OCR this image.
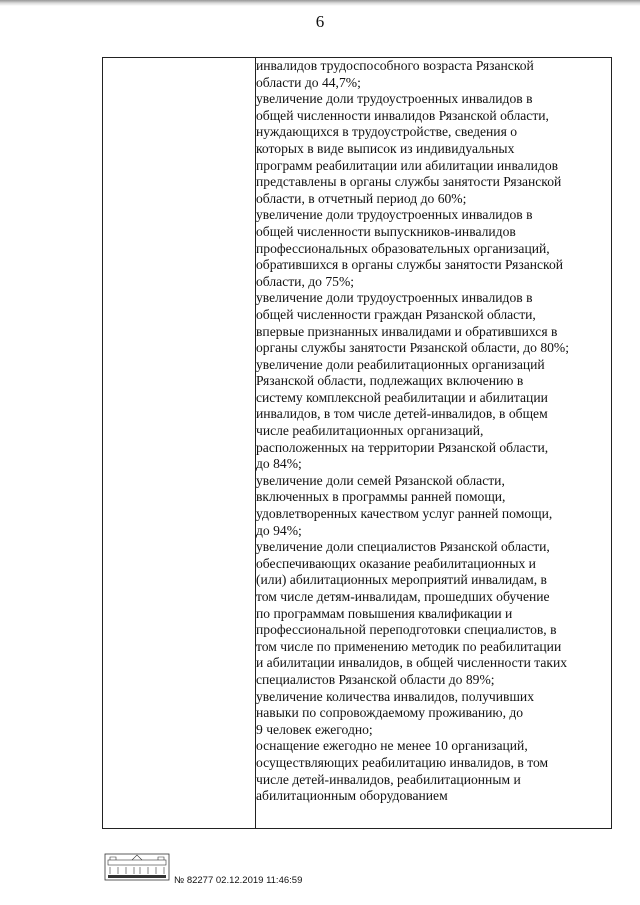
6

инвалидов трудоспособного возраста Рязанской
области до 44,7%;

увеличение доли трудоустроенных инвалидов в
общей численности инвалидов Рязанской области,
нуждающихся в трудоустройстве, сведения о
которых в виде выписок из индивидуальных
программ реабилитации или абилитации инвалидов
представлены в органы службы занятости Рязанской
области, в отчетный период до 60%;

увеличение доли трудоустроенных инвалидов в
общей численности выпускников-инвалидов
профессиональных образовательных организаций,
обратившихся в органы службы занятости Рязанской
области, до 75%;

увеличение доли трудоустроенных инвалидов в
общей численности граждан Рязанской области,
впервые признанных инвалидами и обратившихся в
органы службы занятости Рязанской области, до 80%;

увеличение доли реабилитационных организаций
Рязанской области, подлежащих включению в
систему комплексной реабилитации и абилитации
инвалидов, в том числе детей-инвалидов, в общем
числе реабилитационных организаций,
расположенных на территории Рязанской области,
до 84%;

увеличение доли семей Рязанской области,
включенных в программы ранней помощи,
удовлетворенных качеством услуг ранней помощи,
до 94%;

увеличение доли специалистов Рязанской области,
обеспечивающих оказание реабилитационных и
(или) абилитационных мероприятий инвалидам, в
том числе детям-инвалидам, прошедших обучение
по программам повышения квалификации и
профессиональной переподготовки специалистов, в
том числе по применению методик по реабилитации
и абилитации инвалидов, в общей численности таких
специалистов Рязанской области до 89%;

увеличение количества инвалидов, получивших
навыки по сопровождаемому проживанию, до
9 человек ежегодно;

оснащение ежегодно не менее 10 организаций,
осуществляющих реабилитацию инвалидов, в том
числе детей-инвалидов, реабилитационным и
абилитационным оборудованием

№ 82277 02.12.2019 11:46:59
